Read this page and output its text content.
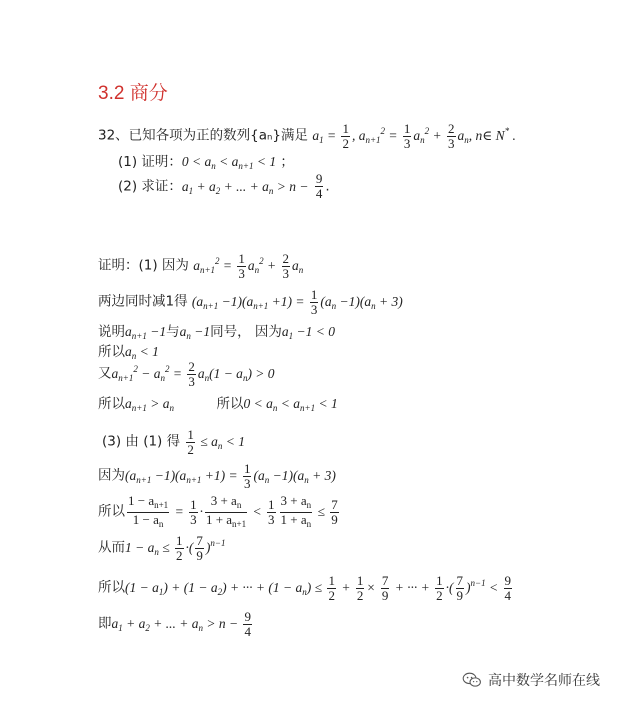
3.2 商分
32、已知各项为正的数列{aₙ}满足 $a_1 = \frac{1}{2}$ , $a_{n+1}^2 = \frac{1}{3} a_n^2 + \frac{2}{3} a_n$, n∈ N* .
(1) 证明：$0 < a_n < a_{n+1} < 1$ ；
(2) 求证：$a_1 + a_2$ + ... + $a_n > n - \frac{9}{4}$ .
证明：(1) 因为 $a_{n+1}^2 = \frac{1}{3} a_n^2 + \frac{2}{3} a_n$
两边同时减1得 $(a_{n+1} -1)(a_{n+1} +1) = \frac{1}{3} (a_n -1)(a_n + 3)$
说明$a_{n+1} -1$与$a_n -1$同号， 因为$a_1 -1 < 0$
所以$a_n < 1$
又$a_{n+1}^2 - a_n^2 = \frac{2}{3} a_n(1 - a_n) > 0$
所以$a_{n+1} > a_n$	所以$0 < a_n < a_{n+1} < 1$
(3) 由 (1) 得 $\frac{1}{2} \le a_n < 1$
因为$(a_{n+1} -1)(a_{n+1} +1) = \frac{1}{3} (a_n -1)(a_n + 3)$
所以 $\frac{1 - a_{n+1}}{1 - a_n} = \frac{1}{3} \cdot \frac{3 + a_n}{1 + a_{n+1}} < \frac{1}{3} \frac{3 + a_n}{1 + a_n} \le \frac{7}{9}$
从而$1 - a_n \le \frac{1}{2}$ ·( $\frac{7}{9} )^{n-1}$
所以$(1 - a_1) + (1 - a_2)$ + ··· + $(1 - a_n) \le \frac{1}{2} + \frac{1}{2} \times \frac{7}{9}$ + ··· + $\frac{1}{2}$ ·( $\frac{7}{9} )^{n-1} < \frac{9}{4}$
即$a_1 + a_2$ + ... + $a_n > n - \frac{9}{4}$
高中数学名师在线
